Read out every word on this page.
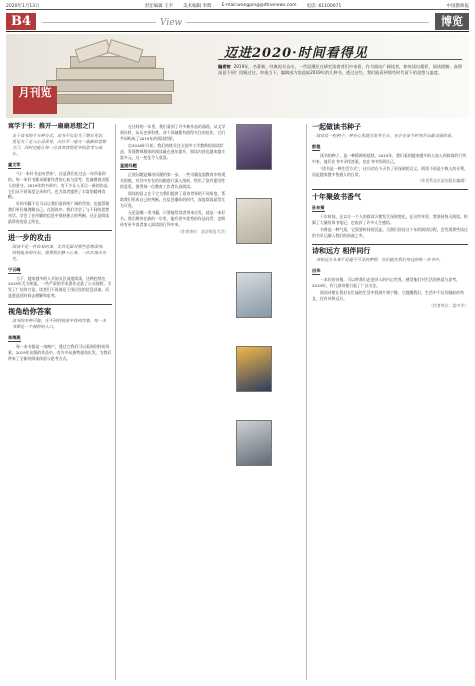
2020年1月13日	责任编辑 王平 美术编辑 李辉 E-mail:wangping@dtnenews.com 电话: 61100071	中国教师报
B4	View	博览
迈进2020·时间看得见
编者按 2019年，名著新、经典再书众出，一些思潮还在研究读着者们中来看，作为面向广阔读者，如何读出精彩、阅读理解、真理深意不同？回顾过往，审视当下，编辑部为您选取2019年的几种书，透过这些，我们能看到那些时代留下的思想与温度。
月刊览
寓学于书：推开一扇扇思想之门
关于读书的千万种方式，读书不仅是为了增长见识，更是为了走入心灵深处，去打开一扇又一扇新的思想之门，同时也能让每一位读者获得更多的思考与成长。
童文军
“让一本好书走向世界”，这是我们在过去一年所看到的。每一本好书都承载着作者的心血与思考，也凝聚着出版人的坚守。2019年的书单中，有不少让人耳目一新的作品，它们从不同角度记录时代，也为读者提供了丰富的精神食粮。
好的书籍不仅可以让我们看到更广阔的世界，也能帮助我们更好地理解自己。在阅读中，我们学会了与不同的思想对话，学会了在纷繁的信息中保持独立的判断。这正是阅读最珍贵的意义所在。
进一步的攻击
阅读不是一件容易的事，尤其是面对那些思想深刻、结构复杂的作品，需要我们静下心来，一次次地去攻克。
宁云峰
当下，越来越多的人开始关注深度阅读，这种趋势在2019年尤为明显。一些严肃的学术著作走进了公众视野，引发了广泛的讨论。读者们不再满足于浅层次的信息获取，而是愿意花时间去理解和思考。
视角给你答案
读书的多种可能，在不同的视角中找到答案，每一本书都是一个独特的入口。
李海燕
每一本书都是一扇窗户，透过它我们可以看到别样的风景。2019年出版的作品中，有许多从独特视角出发，为我们带来了全新的阅读体验与思考方式。
在这样的一年里，我们看到了许多新作品的涌现，从文学到社科，从历史到科普，各个领域都有值得关注的佳作。它们共同构成了2019年的阅读图景。
自2016年开始，我们持续关注全国中小学教师的阅读状况，发现教师群体的阅读量在逐年提升，阅读内容也越来越丰富多元。这一变化令人欣喜。
直面问题
正视问题是解决问题的第一步。一些书籍直面教育中的现实困境，对其中存在的问题进行深入剖析，给出了富有建设性的意见，值得每一位教育工作者认真阅读。
阅读的意义在于它为我们提供了看待世界的不同角度，帮助我们形成自己的判断。在信息爆炸的时代，深度阅读显得尤为可贵。
无论是哪一类书籍，只要能给读者带来启发，就是一本好书。我们期待在新的一年里，能有更多优秀的作品问世，也期待有更多读者加入阅读的行列中来。
（作者单位：北京师范大学）
一起做读书种子
阅读是一粒种子，种在心里就会发芽生长，它会在某个时刻开出最美丽的花。
彭程
读书的种子，是一种精神的延续。2019年，我们看到越来越多的人加入到阅读的行列中来，他们在书中寻找答案，也在书中找到自己。
“读书是一种生活方式”，这句话在今天有了更深刻的含义。阅读不再是少数人的专利，而是越来越多普通人的日常。
（作者系北京某出版社编辑）
十年聚敛书香气
孙东菊
十年时间，足以让一个人的阅读习惯发生深刻变化。在这些年里，我坚持每天阅读，积累了大量的读书笔记，也收获了许多人生感悟。
书香是一种气质，它需要时间的沉淀。当我们回首这十年的阅读历程，会发现那些读过的书早已融入我们的血液之中。
诗和远方 相伴同行
诗和远方从来不是遥不可及的梦想，它们就在我们身边的每一本书中。
田华
一本好的诗集，可以带我们走进诗人的内心世界，感受他们对生活的热爱与思考。2019年，有几部诗集引起了广泛关注。
阅读诗歌让我们在忙碌的生活中找到片刻宁静，它提醒我们，生活中不仅有眼前的苟且，还有诗和远方。
（作者单位：某中学）
